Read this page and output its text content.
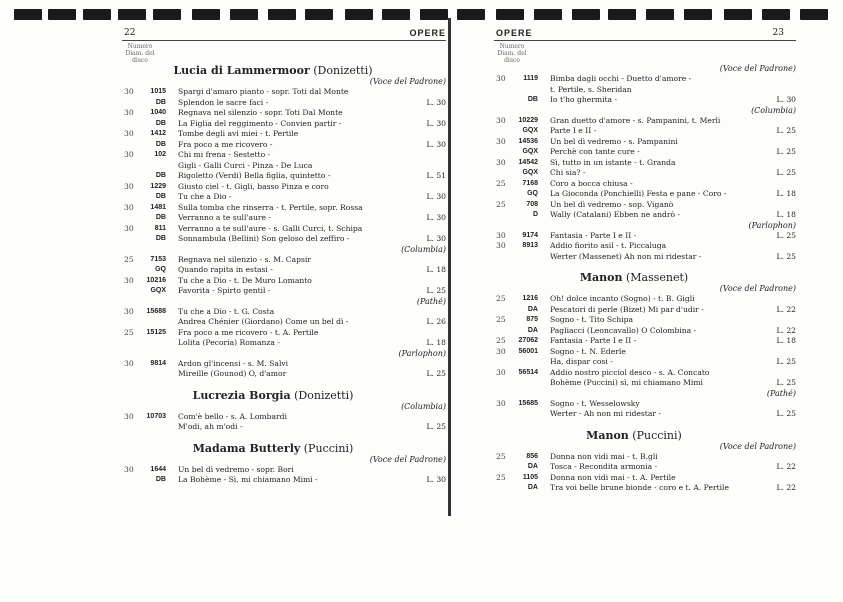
22	OPERE
Numero
Diam. del disco
Lucia di Lammermoor (Donizetti)
(Voce del Padrone)
30	1015 Spargi d'amaro pianto - sopr. Toti dal Monte
DB Splendon le sacre faci -	L. 30
30	1040 Regnava nel silenzio - sopr. Toti Dal Monte
DB La Figlia del reggimento - Convien partir -	L. 30
30	1412 Tombe degli avi miei - t. Pertile
DB Fra poco a me ricovero -	L. 30
30	102 Chi mi frena - Sestetto -
Gigli - Galli Curci - Pinza - De Luca
DB Rigoletto (Verdi) Bella figlia, quintetto -	L. 51
30	1229 Giusto ciel - t. Gigli, basso Pinza e coro
DB Tu che a Dio -	L. 30
30	1481 Sulla tomba che rinserra - t. Pertile, sopr. Rossa
DB Verranno a te sull'aure -	L. 30
30	811 Verranno a te sull'aure - s. Galli Curci, t. Schipa
DB Sonnambula (Bellini) Son geloso del zeffiro -	L. 30
(Columbia)
25	7153 Regnava nel silenzio - s. M. Capsir
GQ Quando rapita in estasi -	L. 18
30	10216 Tu che a Dio - t. De Muro Lomanto
GQX Favorita - Spirto gentil -	L. 25
(Pathé)
30	15688 Tu che a Dio - t. G. Costa
Andrea Chénier (Giordano) Come un bel dì -	L. 26
25	15125 Fra poco a me ricovero - t. A. Pertile
Lolita (Pecoria) Romanza -	L. 18
(Parlophon)
30	9814 Ardon gl'incensi - s. M. Salvi
Mireille (Gounod) O, d'amor	L. 25
Lucrezia Borgia (Donizetti)
(Columbia)
30	10703 Com'è bello - s. A. Lombardi
M'odi, ah m'odi -	L. 25
Madama Butterly (Puccini)
(Voce del Padrone)
30	1644 Un bel dì vedremo - sopr. Bori
DB La Bohème - Sì, mi chiamano Mimì -	L. 30
OPERE	23
Numero
Diam. del disco
(Voce del Padrone)
30	1119 Bimba dagli occhi - Duetto d'amore -
t. Pertile, s. Sheridan
DB Io t'ho ghermita -	L. 30
(Columbia)
30	10229 Gran duetto d'amore - s. Pampanini, t. Merli
GQX Parte I e II -	L. 25
30	14536 Un bel dì vedremo - s. Pampanini
GQX Perchè con tante cure -	L. 25
30	14542 Sì, tutto in un istante - t. Granda
GQX Chi sia? -	L. 25
25	7168 Coro a bocca chiusa -
GQ La Gioconda (Ponchielli) Festa e pane - Coro -	L. 18
25	708 Un bel dì vedremo - sop. Viganò
D Wally (Catalani) Ebben ne andrò -	L. 18
(Parlophon)
30	9174 Fantasia - Parte I e II -	L. 25
30	8913 Addio fiorito asil - t. Piccaluga
Werter (Massenet) Ah non mi ridestar -	L. 25
Manon (Massenet)
(Voce del Padrone)
25	1216 Oh! dolce incanto (Sogno) - t. B. Gigli
DA Pescatori di perle (Bizet) Mi par d'udir -	L. 22
25	875 Sogno - t. Tito Schipa
DA Pagliacci (Leoncavallo) O Colombina -	L. 22
25	27062 Fantasia - Parte I e II -	L. 18
30	56001 Sogno - t. N. Ederle
Ha, dispar cosi -	L. 25
30	56514 Addio nostro picciol desco - s. A. Concato
Bohème (Puccini) sì, mi chiamano Mimì	L. 25
(Pathé)
30	15685 Sogno - t. Wesselowsky
Werter - Ah non mi ridestar -	L. 25
Manon (Puccini)
(Voce del Padrone)
25	856 Donna non vidi mai - t. B.gli
DA Tosca - Recondita armonia -	L. 22
25	1105 Donna non vidi mai - t. A. Pertile
DA Tra voi belle brune bionde - coro e t. A. Pertile	L. 22
